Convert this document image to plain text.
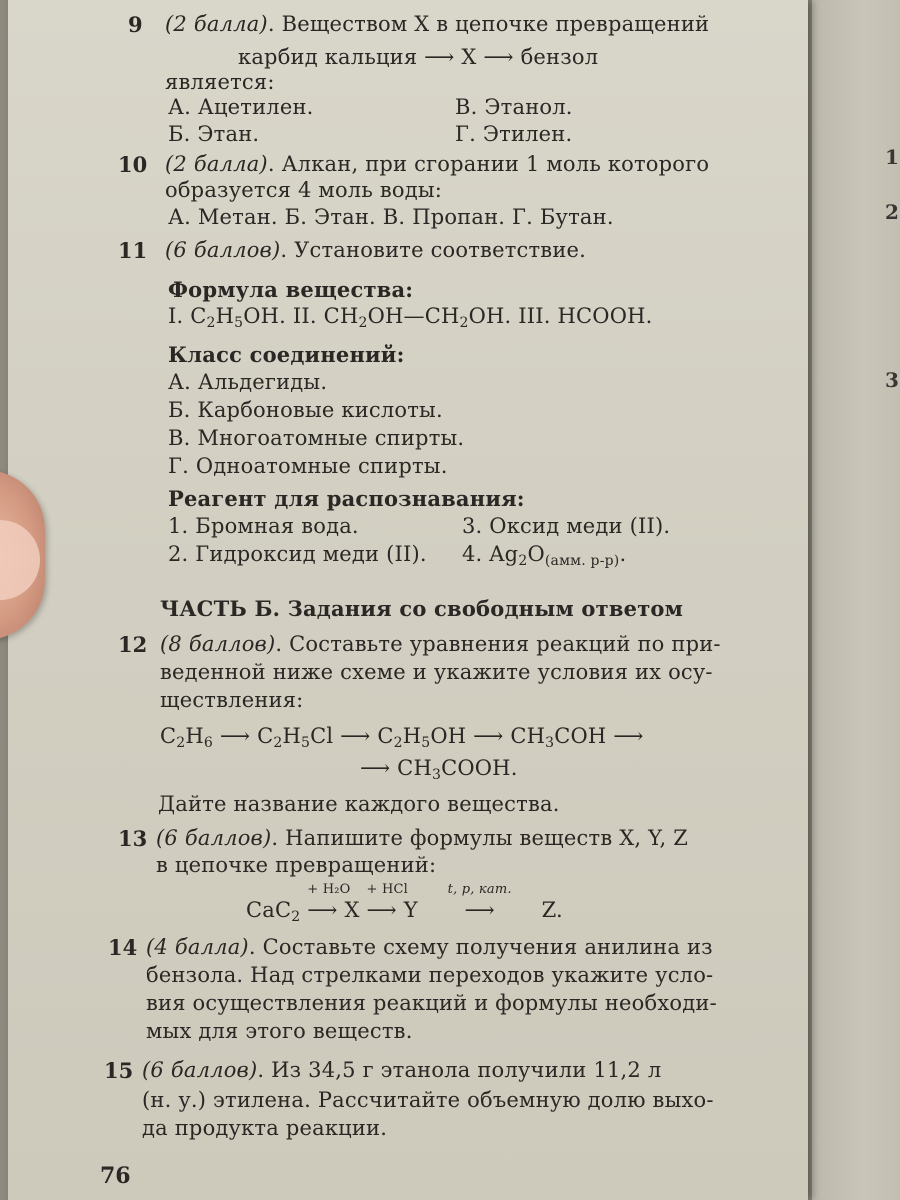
1
2
3
9 (2 балла). Веществом X в цепочке превращений
карбид кальция ⟶ X ⟶ бензол
является:
А. Ацетилен.	В. Этанол.
Б. Этан.	Г. Этилен.
10 (2 балла). Алкан, при сгорании 1 моль которого
образуется 4 моль воды:
А. Метан. Б. Этан. В. Пропан. Г. Бутан.
11 (6 баллов). Установите соответствие.
Формула вещества:
I. $C_2H_5OH$. II. $CH_2OH—CH_2OH$. III. HCOOH.
Класс соединений:
А. Альдегиды.
Б. Карбоновые кислоты.
В. Многоатомные спирты.
Г. Одноатомные спирты.
Реагент для распознавания:
1. Бромная вода.	3. Оксид меди (II).
2. Гидроксид меди (II). 4. $Ag_2O_{(амм. р-р)}$.
ЧАСТЬ Б. Задания со свободным ответом
12 (8 баллов). Составьте уравнения реакций по при-
веденной ниже схеме и укажите условия их осу-
ществления:
$C_2H_6$ ⟶ $C_2H_5Cl$ ⟶ $C_2H_5OH$ ⟶ $CH_3COH$ ⟶
⟶ $CH_3COOH$.
Дайте название каждого вещества.
13 (6 баллов). Напишите формулы веществ X, Y, Z
в цепочке превращений:
CaC$_2$
+ H₂O
⟶ X
+ HCl
⟶ Y
t, p, кат.
⟶ Z.
14 (4 балла). Составьте схему получения анилина из
бензола. Над стрелками переходов укажите усло-
вия осуществления реакций и формулы необходи-
мых для этого веществ.
15 (6 баллов). Из 34,5 г этанола получили 11,2 л
(н. у.) этилена. Рассчитайте объемную долю выхо-
да продукта реакции.
76
